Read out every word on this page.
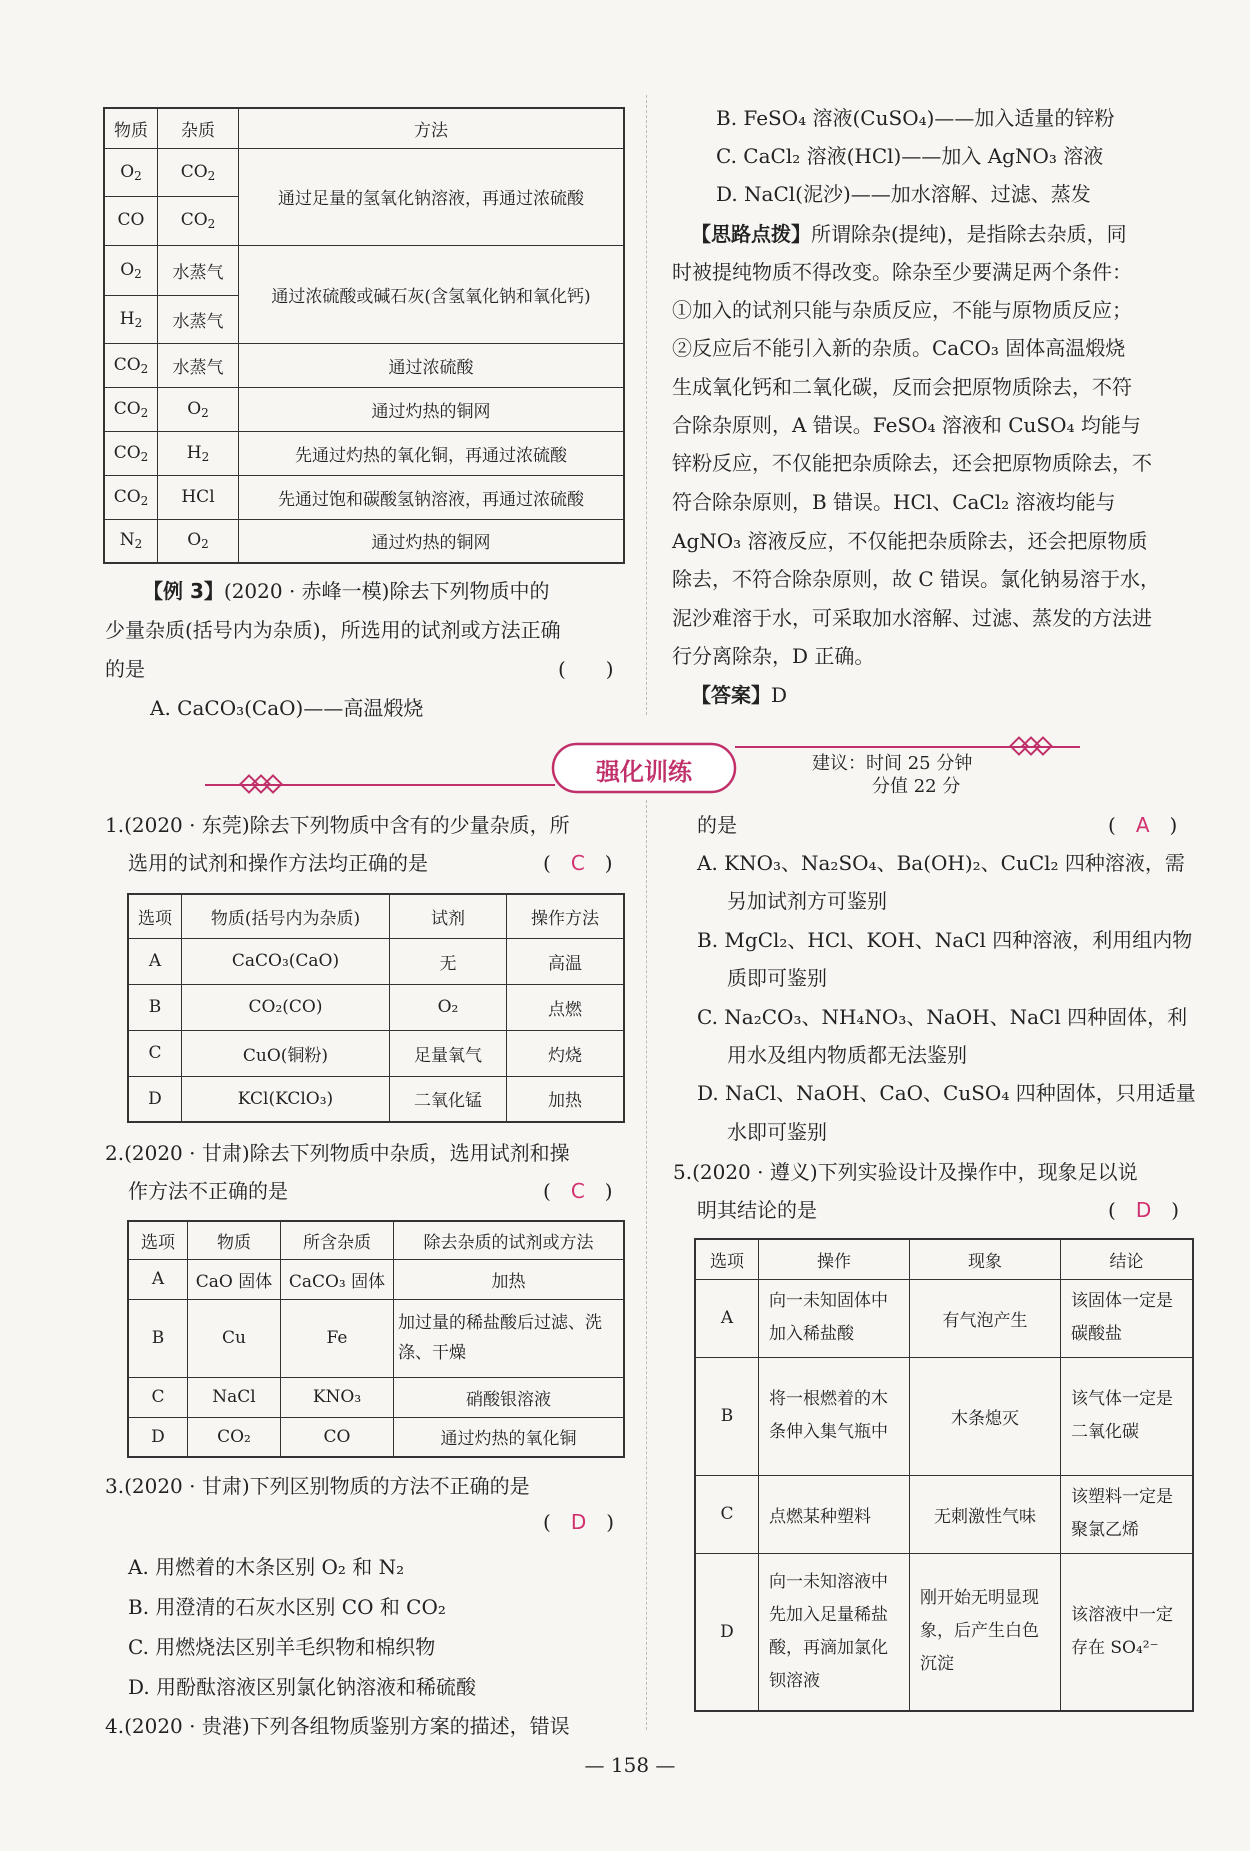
物质	杂质	方法
$O_2$	$CO_2$	通过足量的氢氧化钠溶液，再通过浓硫酸
CO	$CO_2$
$O_2$	水蒸气	通过浓硫酸或碱石灰(含氢氧化钠和氧化钙)
$H_2$	水蒸气	
$CO_2$	水蒸气	通过浓硫酸
$CO_2$	$O_2$	通过灼热的铜网
$CO_2$	$H_2$	先通过灼热的氧化铜，再通过浓硫酸
$CO_2$	HCl	先通过饱和碳酸氢钠溶液，再通过浓硫酸
$N_2$	$O_2$	通过灼热的铜网
【例 3】(2020 · 赤峰一模)除去下列物质中的
少量杂质(括号内为杂质)，所选用的试剂或方法正确
的是	(　　)
A. CaCO₃(CaO)——高温煅烧
B. FeSO₄ 溶液(CuSO₄)——加入适量的锌粉
C. CaCl₂ 溶液(HCl)——加入 AgNO₃ 溶液
D. NaCl(泥沙)——加水溶解、过滤、蒸发
【思路点拨】所谓除杂(提纯)，是指除去杂质，同
时被提纯物质不得改变。除杂至少要满足两个条件：
①加入的试剂只能与杂质反应，不能与原物质反应；
②反应后不能引入新的杂质。CaCO₃ 固体高温煅烧
生成氧化钙和二氧化碳，反而会把原物质除去，不符
合除杂原则，A 错误。FeSO₄ 溶液和 CuSO₄ 均能与
锌粉反应，不仅能把杂质除去，还会把原物质除去，不
符合除杂原则，B 错误。HCl、CaCl₂ 溶液均能与
AgNO₃ 溶液反应，不仅能把杂质除去，还会把原物质
除去，不符合除杂原则，故 C 错误。氯化钠易溶于水，
泥沙难溶于水，可采取加水溶解、过滤、蒸发的方法进
行分离除杂，D 正确。
【答案】D
强化训练	建议：时间 25 分钟
分值 22 分
1.(2020 · 东莞)除去下列物质中含有的少量杂质，所
选用的试剂和操作方法均正确的是	(　C　)
选项	物质(括号内为杂质)	试剂	操作方法
A	CaCO₃(CaO)	无	高温
B	CO₂(CO)	O₂	点燃
C	CuO(铜粉)	足量氧气	灼烧
D	KCl(KClO₃)	二氧化锰	加热
2.(2020 · 甘肃)除去下列物质中杂质，选用试剂和操
作方法不正确的是	(　C　)
选项	物质	所含杂质	除去杂质的试剂或方法
A	CaO 固体	CaCO₃ 固体	加热
B	Cu	Fe	加过量的稀盐酸后过滤、洗涤、干燥
C	NaCl	KNO₃	硝酸银溶液
D	CO₂	CO	通过灼热的氧化铜
3.(2020 · 甘肃)下列区别物质的方法不正确的是
(　D　)
A. 用燃着的木条区别 O₂ 和 N₂
B. 用澄清的石灰水区别 CO 和 CO₂
C. 用燃烧法区别羊毛织物和棉织物
D. 用酚酞溶液区别氯化钠溶液和稀硫酸
4.(2020 · 贵港)下列各组物质鉴别方案的描述，错误
的是	(　A　)
A. KNO₃、Na₂SO₄、Ba(OH)₂、CuCl₂ 四种溶液，需
另加试剂方可鉴别
B. MgCl₂、HCl、KOH、NaCl 四种溶液，利用组内物
质即可鉴别
C. Na₂CO₃、NH₄NO₃、NaOH、NaCl 四种固体，利
用水及组内物质都无法鉴别
D. NaCl、NaOH、CaO、CuSO₄ 四种固体，只用适量
水即可鉴别
5.(2020 · 遵义)下列实验设计及操作中，现象足以说
明其结论的是	(　D　)
选项	操作	现象	结论
A	向一未知固体中加入稀盐酸	有气泡产生	该固体一定是碳酸盐
B	将一根燃着的木条伸入集气瓶中	木条熄灭	该气体一定是二氧化碳
C	点燃某种塑料	无刺激性气味	该塑料一定是聚氯乙烯
D	向一未知溶液中先加入足量稀盐酸，再滴加氯化钡溶液	刚开始无明显现象，后产生白色沉淀	该溶液中一定存在 SO₄²⁻
— 158 —
